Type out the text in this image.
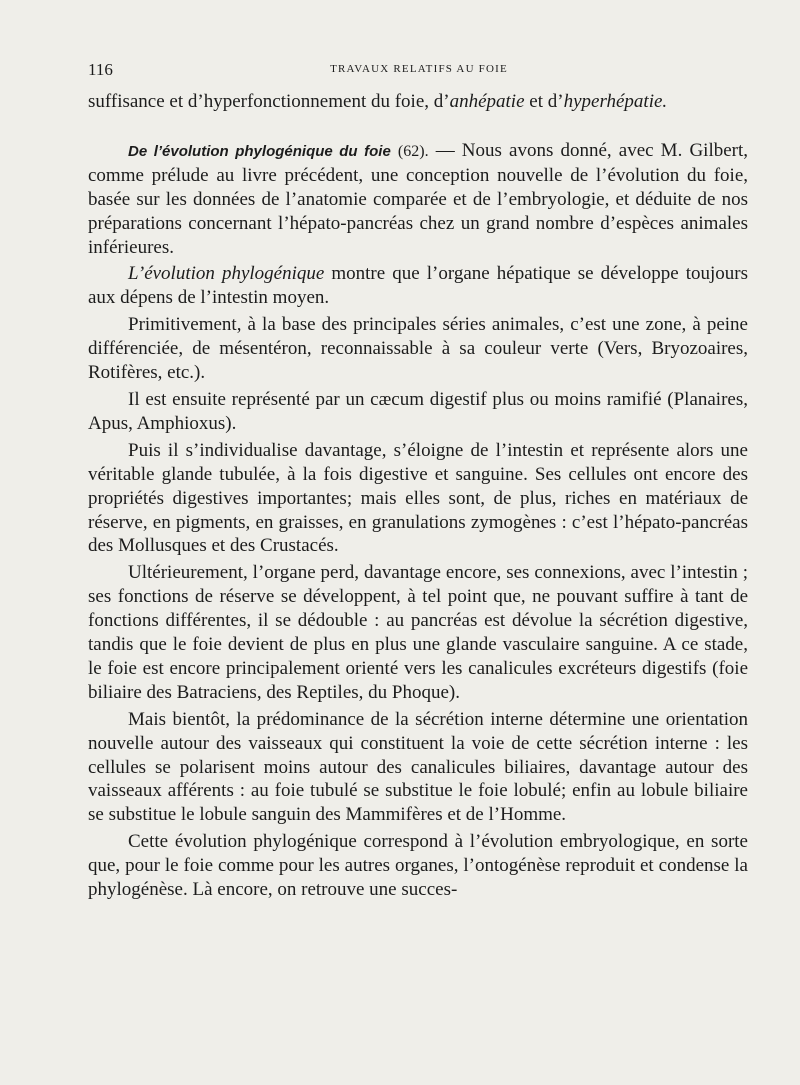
116	TRAVAUX RELATIFS AU FOIE

suffisance et d’hyperfonctionnement du foie, d’anhépatie et d’hyperhépatie.

De l’évolution phylogénique du foie (62). — Nous avons donné, avec M. Gilbert, comme prélude au livre précédent, une conception nouvelle de l’évolution du foie, basée sur les données de l’anatomie comparée et de l’embryologie, et déduite de nos préparations concernant l’hépato-pancréas chez un grand nombre d’espèces animales inférieures.

L’évolution phylogénique montre que l’organe hépatique se développe toujours aux dépens de l’intestin moyen.

Primitivement, à la base des principales séries animales, c’est une zone, à peine différenciée, de mésentéron, reconnaissable à sa couleur verte (Vers, Bryozoaires, Rotifères, etc.).

Il est ensuite représenté par un cæcum digestif plus ou moins ramifié (Planaires, Apus, Amphioxus).

Puis il s’individualise davantage, s’éloigne de l’intestin et représente alors une véritable glande tubulée, à la fois digestive et sanguine. Ses cellules ont encore des propriétés digestives importantes; mais elles sont, de plus, riches en matériaux de réserve, en pigments, en graisses, en granulations zymogènes : c’est l’hépato-pancréas des Mollusques et des Crustacés.

Ultérieurement, l’organe perd, davantage encore, ses connexions, avec l’intestin ; ses fonctions de réserve se développent, à tel point que, ne pouvant suffire à tant de fonctions différentes, il se dédouble : au pancréas est dévolue la sécrétion digestive, tandis que le foie devient de plus en plus une glande vasculaire sanguine. A ce stade, le foie est encore principalement orienté vers les canalicules excréteurs digestifs (foie biliaire des Batraciens, des Reptiles, du Phoque).

Mais bientôt, la prédominance de la sécrétion interne détermine une orientation nouvelle autour des vaisseaux qui constituent la voie de cette sécrétion interne : les cellules se polarisent moins autour des canalicules biliaires, davantage autour des vaisseaux afférents : au foie tubulé se substitue le foie lobulé; enfin au lobule biliaire se substitue le lobule sanguin des Mammifères et de l’Homme.

Cette évolution phylogénique correspond à l’évolution embryologique, en sorte que, pour le foie comme pour les autres organes, l’ontogénèse reproduit et condense la phylogénèse. Là encore, on retrouve une succes-
